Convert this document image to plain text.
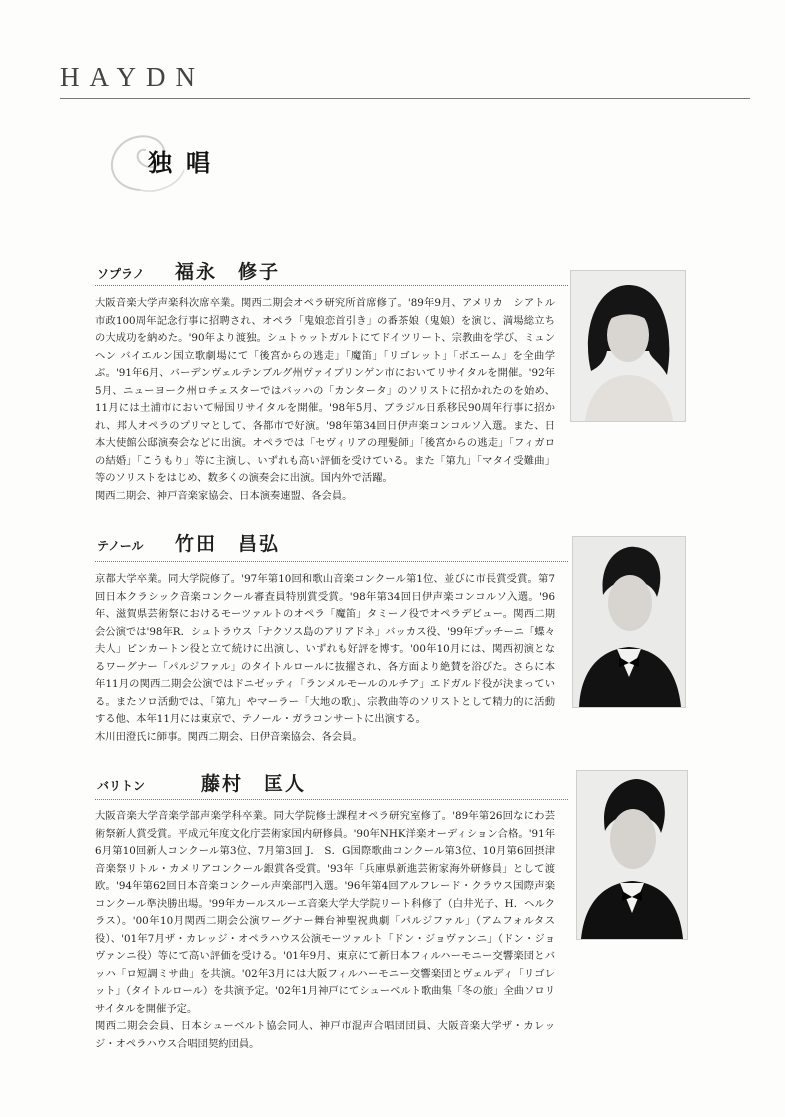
HAYDN
独唱
ソプラノ 福永　修子

大阪音楽大学声楽科次席卒業。関西二期会オペラ研究所首席修了。'89年9月、アメリカ　シアトル市政100周年記念行事に招聘され、オペラ「鬼娘恋首引き」の番茶娘（鬼娘）を演じ、満場総立ちの大成功を納めた。'90年より渡独。シュトゥットガルトにてドイツリート、宗教曲を学び、ミュンヘン バイエルン国立歌劇場にて「後宮からの逃走」「魔笛」「リゴレット」「ボエーム」を全曲学ぶ。'91年6月、バーデンヴェルテンブルグ州ヴァイブリンゲン市においてリサイタルを開催。'92年5月、ニューヨーク州ロチェスターではバッハの「カンタータ」のソリストに招かれたのを始め、11月には土浦市において帰国リサイタルを開催。'98年5月、ブラジル日系移民90周年行事に招かれ、邦人オペラのプリマとして、各都市で好演。'98年第34回日伊声楽コンコルソ入選。また、日本大使館公邸演奏会などに出演。オペラでは「セヴィリアの理髪師」「後宮からの逃走」「フィガロの結婚」「こうもり」等に主演し、いずれも高い評価を受けている。また「第九」「マタイ受難曲」等のソリストをはじめ、数多くの演奏会に出演。国内外で活躍。

関西二期会、神戸音楽家協会、日本演奏連盟、各会員。

テノール 竹田　昌弘

京都大学卒業。同大学院修了。'97年第10回和歌山音楽コンクール第1位、並びに市長賞受賞。第7回日本クラシック音楽コンクール審査員特別賞受賞。'98年第34回日伊声楽コンコルソ入選。'96年、滋賀県芸術祭におけるモーツァルトのオペラ「魔笛」タミーノ役でオペラデビュー。関西二期会公演では'98年R．シュトラウス「ナクソス島のアリアドネ」バッカス役、'99年プッチーニ「蝶々夫人」ピンカートン役と立て続けに出演し、いずれも好評を博す。'00年10月には、関西初演となるワーグナー「パルジファル」のタイトルロールに抜擢され、各方面より絶賛を浴びた。さらに本年11月の関西二期会公演ではドニゼッティ「ランメルモールのルチア」エドガルド役が決まっている。またソロ活動では、「第九」やマーラー「大地の歌」、宗教曲等のソリストとして精力的に活動する他、本年11月には東京で、テノール・ガラコンサートに出演する。

木川田澄氏に師事。関西二期会、日伊音楽協会、各会員。

バリトン	藤村　匡人

大阪音楽大学音楽学部声楽学科卒業。同大学院修士課程オペラ研究室修了。'89年第26回なにわ芸術祭新人賞受賞。平成元年度文化庁芸術家国内研修員。'90年NHK洋楽オーディション合格。'91年6月第10回新人コンクール第3位、7月第3回 J． S．G国際歌曲コンクール第3位、10月第6回摂津音楽祭リトル・カメリアコンクール銀賞各受賞。'93年「兵庫県新進芸術家海外研修員」として渡欧。'94年第62回日本音楽コンクール声楽部門入選。'96年第4回アルフレード・クラウス国際声楽コンクール準決勝出場。'99年カールスルーエ音楽大学大学院リート科修了（白井光子、H．ヘルクラス）。'00年10月関西二期会公演ワーグナー舞台神聖祝典劇「パルジファル」（アムフォルタス役）、'01年7月ザ・カレッジ・オペラハウス公演モーツァルト「ドン・ジョヴァンニ」（ドン・ジョヴァンニ役）等にて高い評価を受ける。'01年9月、東京にて新日本フィルハーモニー交響楽団とバッハ「ロ短調ミサ曲」を共演。'02年3月には大阪フィルハーモニー交響楽団とヴェルディ「リゴレット」（タイトルロール）を共演予定。'02年1月神戸にてシューベルト歌曲集「冬の旅」全曲ソロリサイタルを開催予定。

関西二期会会員、日本シューベルト協会同人、神戸市混声合唱団団員、大阪音楽大学ザ・カレッジ・オペラハウス合唱団契約団員。
